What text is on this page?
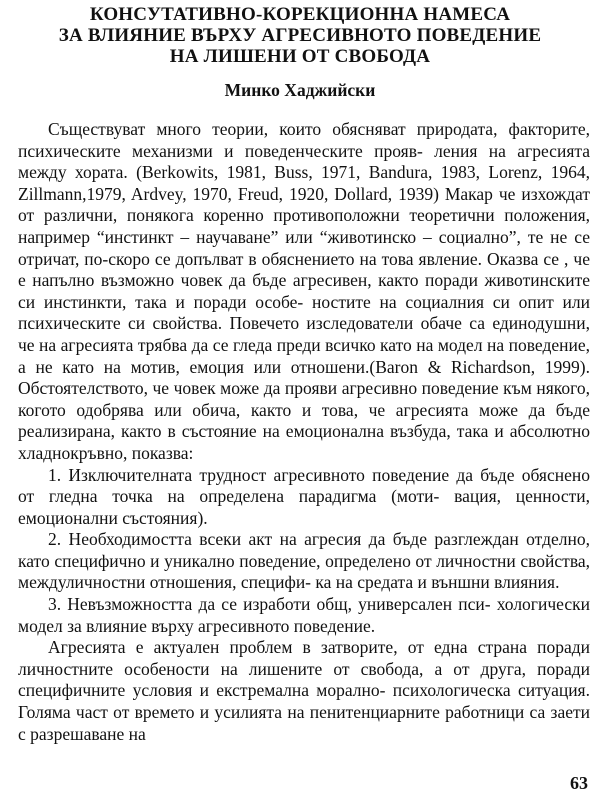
КОНСУТАТИВНО-КОРЕКЦИОННА НАМЕСА
ЗА ВЛИЯНИЕ ВЪРХУ АГРЕСИВНОТО ПОВЕДЕНИЕ
НА ЛИШЕНИ ОТ СВОБОДА
Минко Хаджийски

Съществуват много теории, които обясняват природата, факторите, психическите механизми и поведенческите прояв- ления на агресията между хората. (Berkowits, 1981, Buss, 1971, Bandura, 1983, Lorenz, 1964, Zillmann,1979, Ardvey, 1970, Freud, 1920, Dollard, 1939) Макар че изхождат от различни, понякога коренно противоположни теоретични положения, например “инстинкт – научаване” или “животинско – социално”, те не се отричат, по-скоро се допълват в обяснението на това явление. Оказва се , че е напълно възможно човек да бъде агресивен, както поради животинските си инстинкти, така и поради особе- ностите на социалния си опит или психическите си свойства. Повечето изследователи обаче са единодушни, че на агресията трябва да се гледа преди всичко като на модел на поведение, а не като на мотив, емоция или отношени.(Baron & Richardson, 1999). Обстоятелството, че човек може да прояви агресивно поведение към някого, когото одобрява или обича, както и това, че агресията може да бъде реализирана, както в състояние на емоционална възбуда, така и абсолютно хладнокръвно, показва:

1. Изключителната трудност агресивното поведение да бъде обяснено от гледна точка на определена парадигма (моти- вация, ценности, емоционални състояния).

2. Необходимостта всеки акт на агресия да бъде разглеждан отделно, като специфично и уникално поведение, определено от личностни свойства, междуличностни отношения, специфи- ка на средата и външни влияния.

3. Невъзможността да се изработи общ, универсален пси- хологически модел за влияние върху агресивното поведение.

Агресията е актуален проблем в затворите, от една страна поради личностните особености на лишените от свобода, а от друга, поради специфичните условия и екстремална морално- психологическа ситуация. Голяма част от времето и усилията на пенитенциарните работници са заети с разрешаване на

63
